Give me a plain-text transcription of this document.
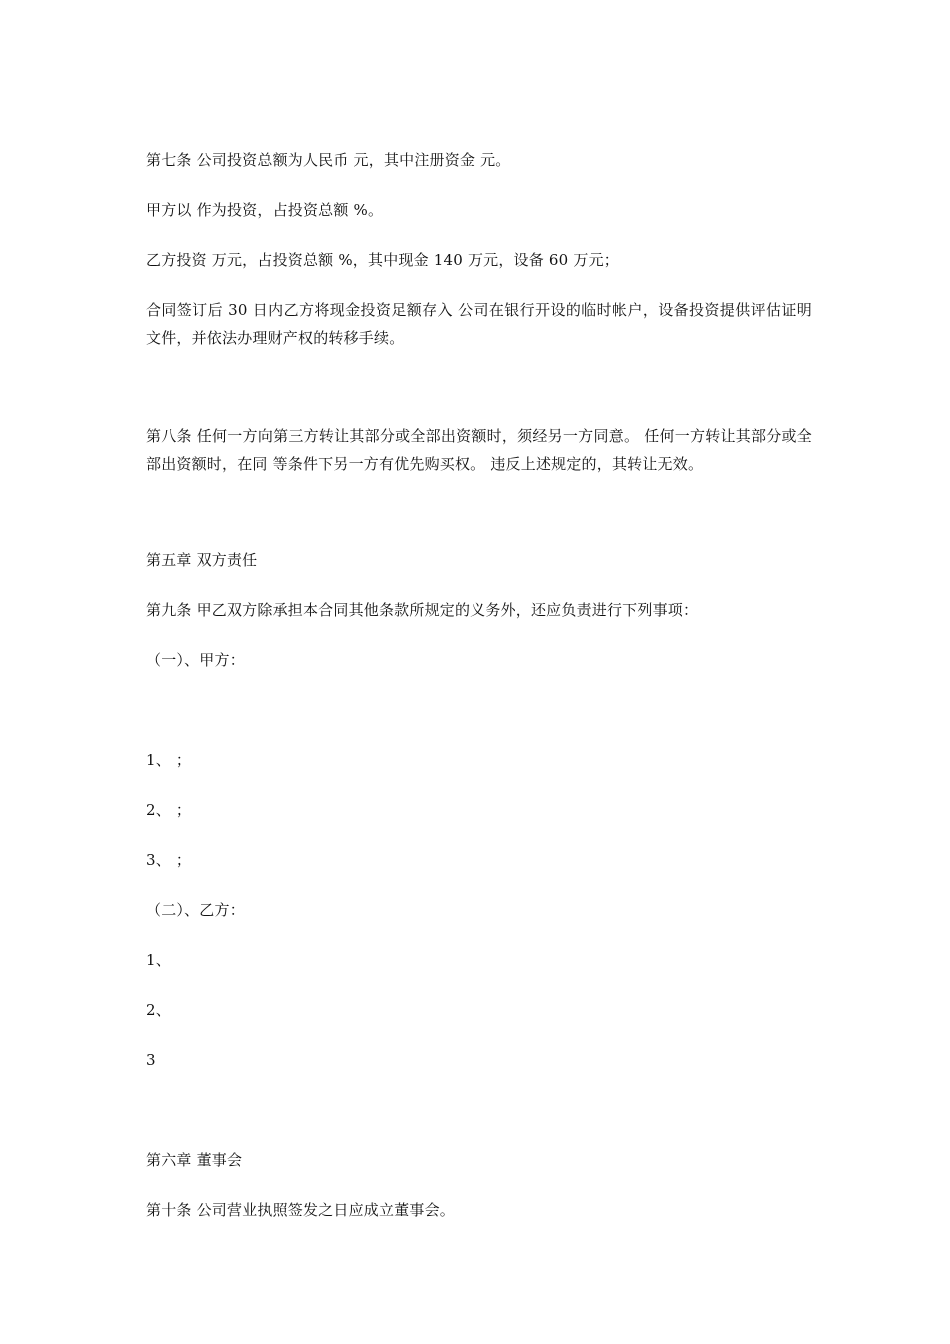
第七条 公司投资总额为人民币 元，其中注册资金 元。
甲方以 作为投资，占投资总额 %。
乙方投资 万元，占投资总额 %，其中现金 140 万元，设备 60 万元；
合同签订后 30 日内乙方将现金投资足额存入 公司在银行开设的临时帐户，设备投资提供评估证明文件，并依法办理财产权的转移手续。
第八条 任何一方向第三方转让其部分或全部出资额时，须经另一方同意。 任何一方转让其部分或全部出资额时，在同 等条件下另一方有优先购买权。 违反上述规定的，其转让无效。
第五章 双方责任
第九条 甲乙双方除承担本合同其他条款所规定的义务外，还应负责进行下列事项：
（一）、甲方：
1、 ；
2、 ；
3、 ；
（二）、乙方：
1、
2、
3
第六章 董事会
第十条 公司营业执照签发之日应成立董事会。
